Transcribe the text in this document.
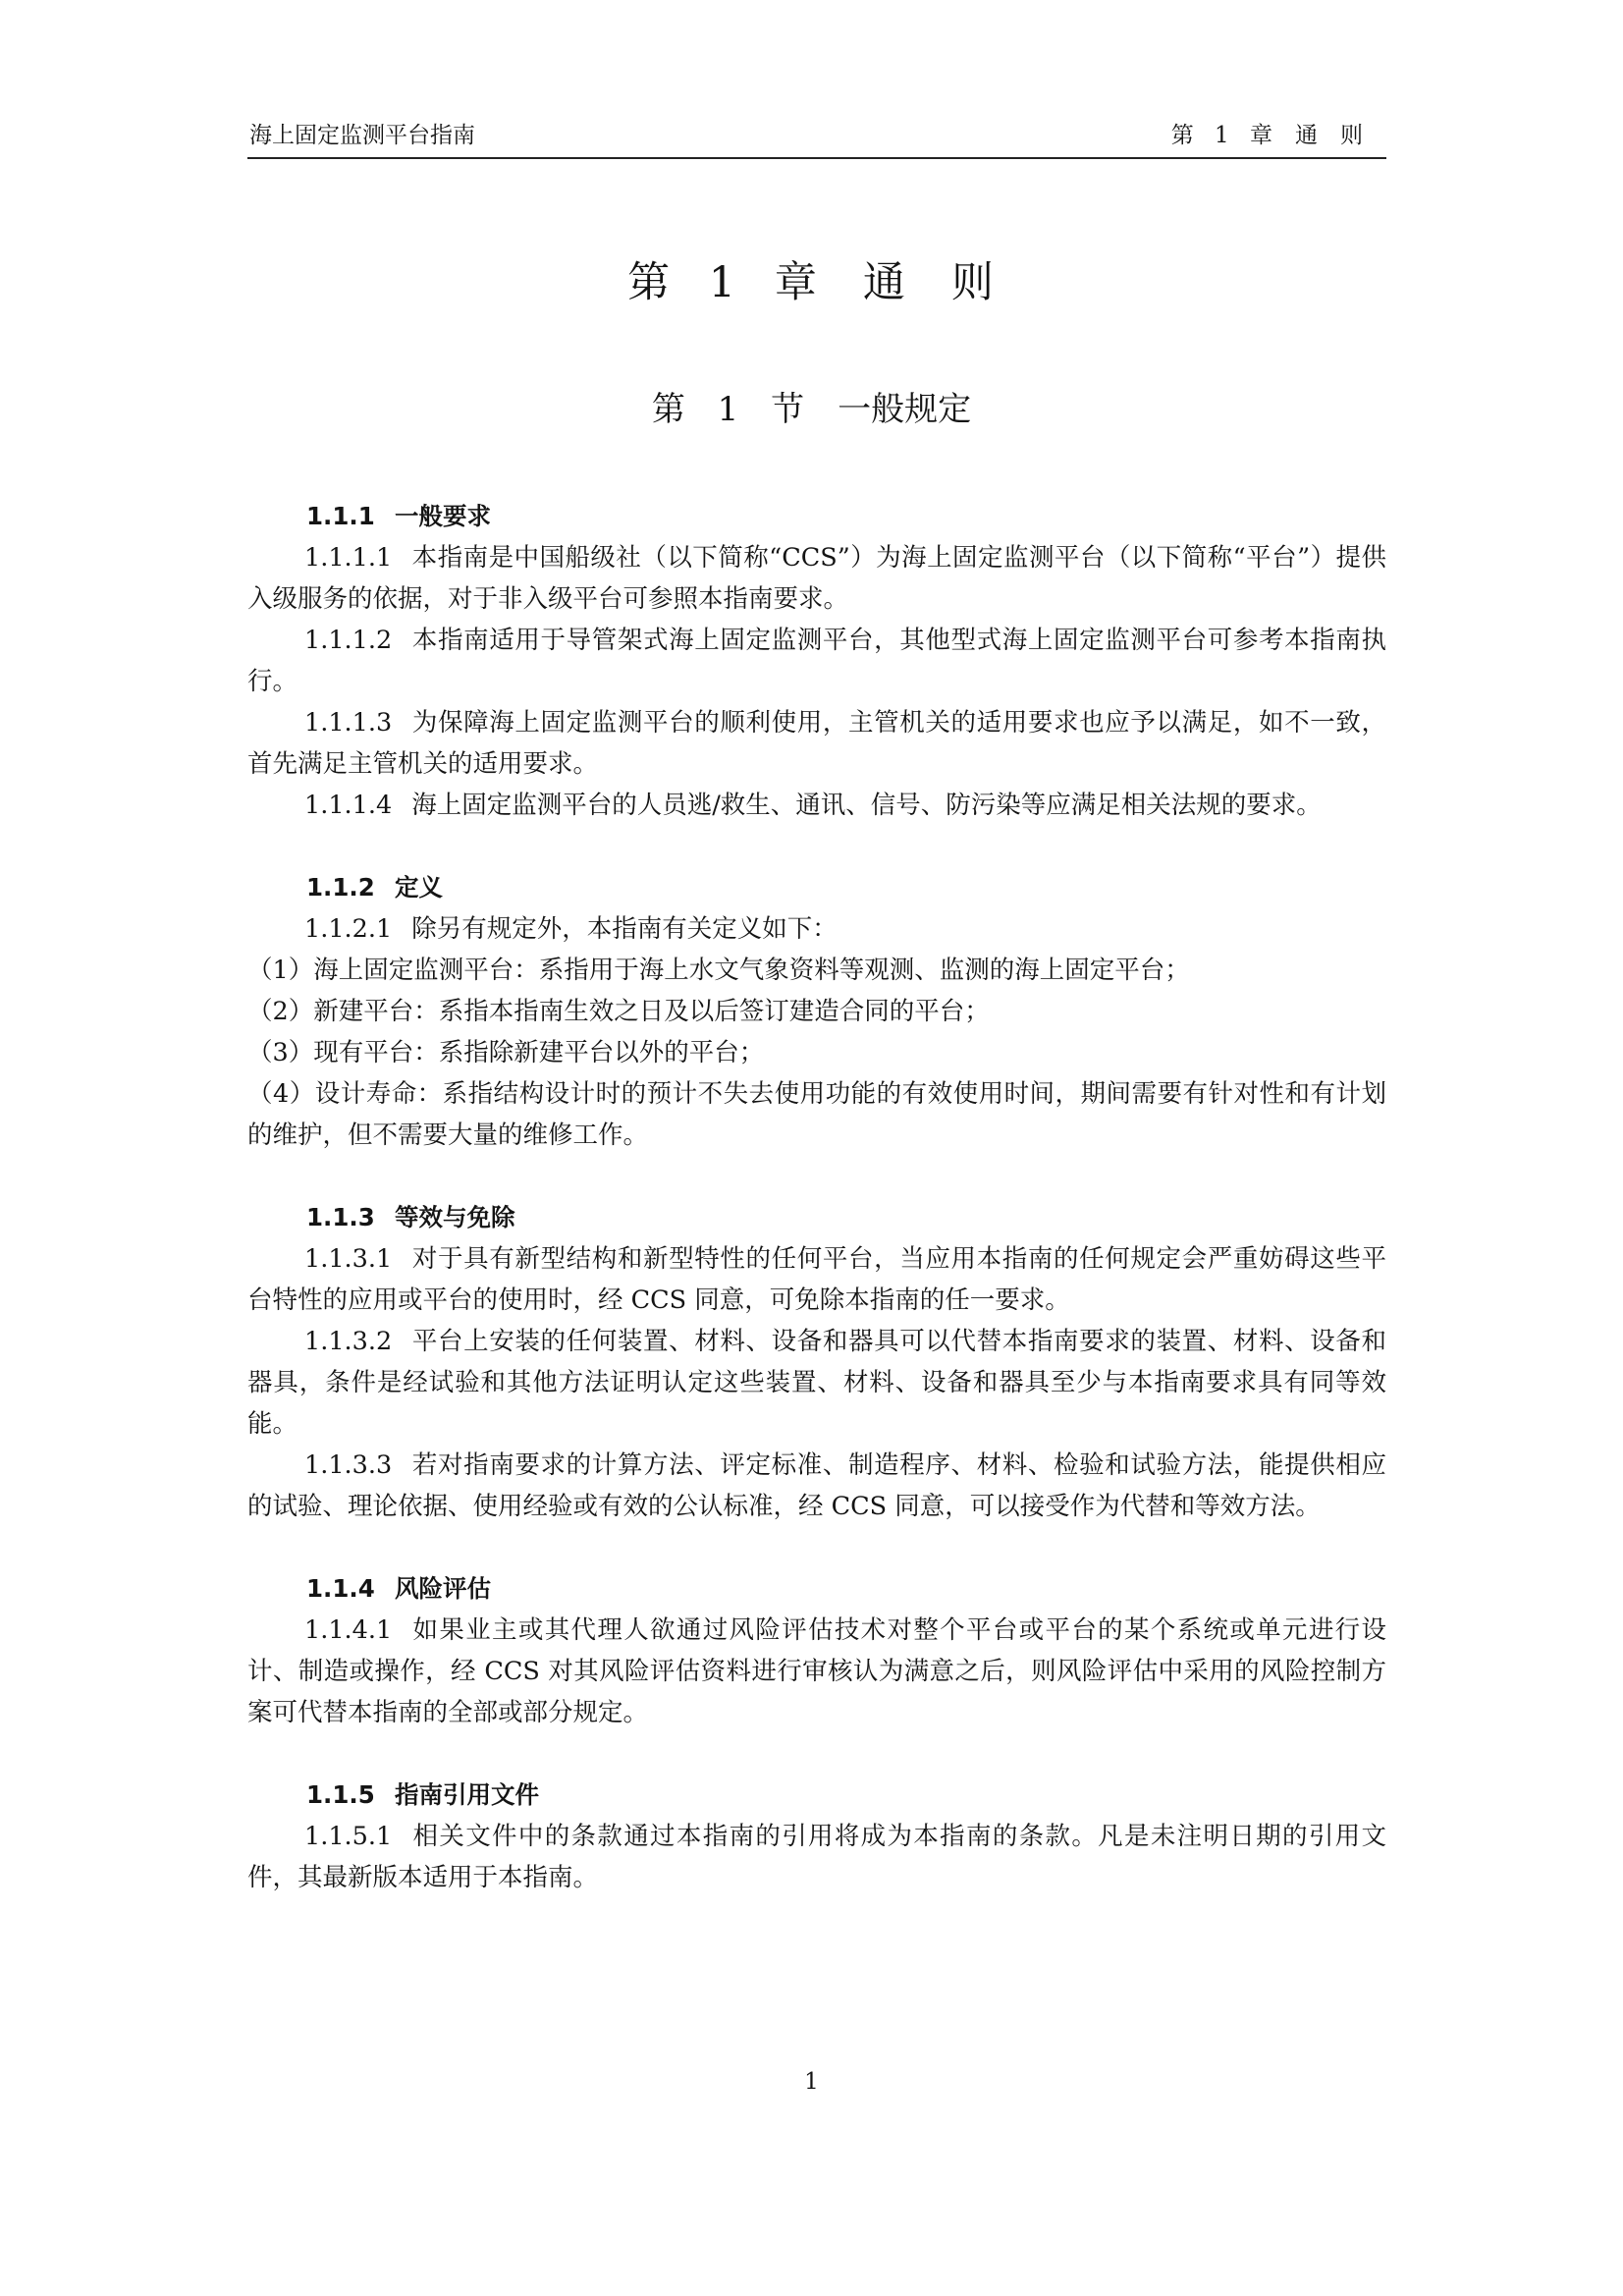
海上固定监测平台指南	第 1 章　通　则
第 1 章　通　则
第 1 节　一般规定

1.1.1 一般要求

1.1.1.1 本指南是中国船级社（以下简称“CCS”）为海上固定监测平台（以下简称“平台”）提供入级服务的依据，对于非入级平台可参照本指南要求。

1.1.1.2 本指南适用于导管架式海上固定监测平台，其他型式海上固定监测平台可参考本指南执行。

1.1.1.3 为保障海上固定监测平台的顺利使用，主管机关的适用要求也应予以满足，如不一致，首先满足主管机关的适用要求。

1.1.1.4 海上固定监测平台的人员逃/救生、通讯、信号、防污染等应满足相关法规的要求。

1.1.2 定义

1.1.2.1 除另有规定外，本指南有关定义如下：

（1）海上固定监测平台：系指用于海上水文气象资料等观测、监测的海上固定平台；

（2）新建平台：系指本指南生效之日及以后签订建造合同的平台；

（3）现有平台：系指除新建平台以外的平台；

（4）设计寿命：系指结构设计时的预计不失去使用功能的有效使用时间，期间需要有针对性和有计划的维护，但不需要大量的维修工作。

1.1.3 等效与免除

1.1.3.1 对于具有新型结构和新型特性的任何平台，当应用本指南的任何规定会严重妨碍这些平台特性的应用或平台的使用时，经 CCS 同意，可免除本指南的任一要求。

1.1.3.2 平台上安装的任何装置、材料、设备和器具可以代替本指南要求的装置、材料、设备和器具，条件是经试验和其他方法证明认定这些装置、材料、设备和器具至少与本指南要求具有同等效能。

1.1.3.3 若对指南要求的计算方法、评定标准、制造程序、材料、检验和试验方法，能提供相应的试验、理论依据、使用经验或有效的公认标准，经 CCS 同意，可以接受作为代替和等效方法。

1.1.4 风险评估

1.1.4.1 如果业主或其代理人欲通过风险评估技术对整个平台或平台的某个系统或单元进行设计、制造或操作，经 CCS 对其风险评估资料进行审核认为满意之后，则风险评估中采用的风险控制方案可代替本指南的全部或部分规定。

1.1.5 指南引用文件

1.1.5.1 相关文件中的条款通过本指南的引用将成为本指南的条款。凡是未注明日期的引用文件，其最新版本适用于本指南。

1
